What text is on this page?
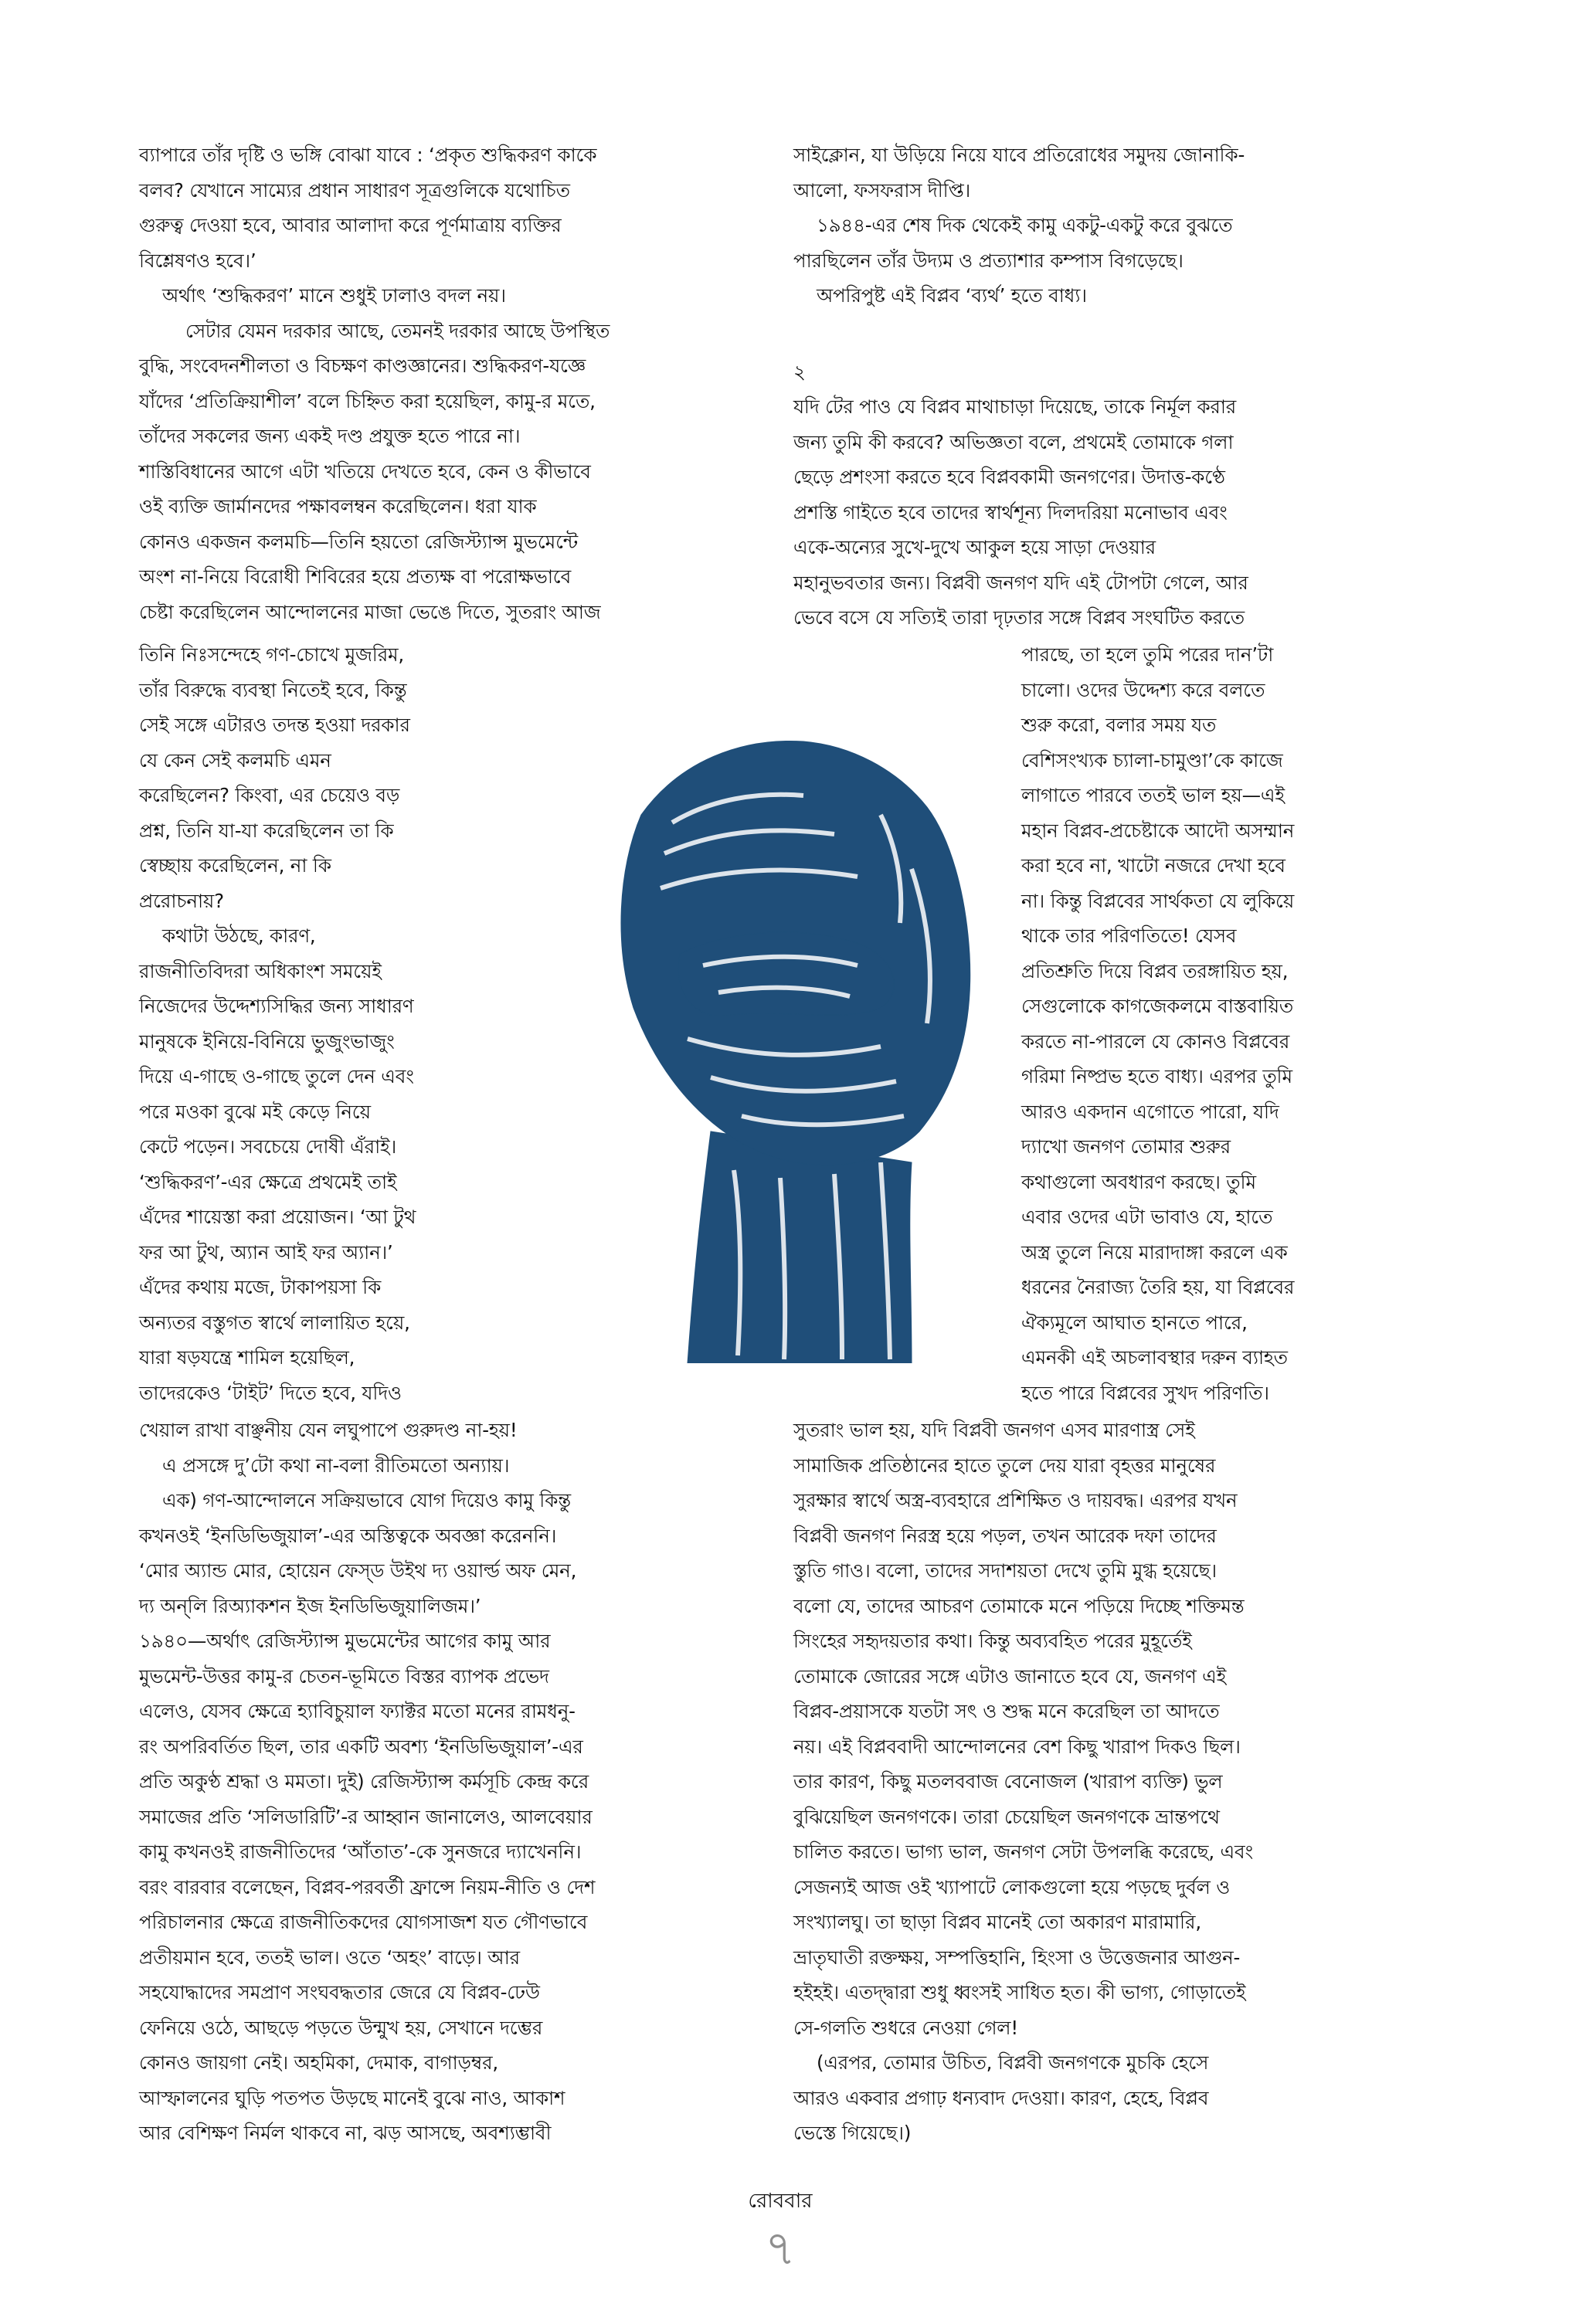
ব্যাপারে তাঁর দৃষ্টি ও ভঙ্গি বোঝা যাবে : ‘প্রকৃত শুদ্ধিকরণ কাকে
বলব? যেখানে সাম্যের প্রধান সাধারণ সূত্রগুলিকে যথোচিত
গুরুত্ব দেওয়া হবে, আবার আলাদা করে পূর্ণমাত্রায় ব্যক্তির
বিশ্লেষণও হবে।’
অর্থাৎ ‘শুদ্ধিকরণ’ মানে শুধুই ঢালাও বদল নয়।
সেটার যেমন দরকার আছে, তেমনই দরকার আছে উপস্থিত
বুদ্ধি, সংবেদনশীলতা ও বিচক্ষণ কাণ্ডজ্ঞানের। শুদ্ধিকরণ-যজ্ঞে
যাঁদের ‘প্রতিক্রিয়াশীল’ বলে চিহ্নিত করা হয়েছিল, কামু-র মতে,
তাঁদের সকলের জন্য একই দণ্ড প্রযুক্ত হতে পারে না।
শাস্তিবিধানের আগে এটা খতিয়ে দেখতে হবে, কেন ও কীভাবে
ওই ব্যক্তি জার্মানদের পক্ষাবলম্বন করেছিলেন। ধরা যাক
কোনও একজন কলমচি—তিনি হয়তো রেজিস্ট্যান্স মুভমেন্টে
অংশ না-নিয়ে বিরোধী শিবিরের হয়ে প্রত্যক্ষ বা পরোক্ষভাবে
চেষ্টা করেছিলেন আন্দোলনের মাজা ভেঙে দিতে, সুতরাং আজ
তিনি নিঃসন্দেহে গণ-চোখে মুজরিম,
তাঁর বিরুদ্ধে ব্যবস্থা নিতেই হবে, কিন্তু
সেই সঙ্গে এটারও তদন্ত হওয়া দরকার
যে কেন সেই কলমচি এমন
করেছিলেন? কিংবা, এর চেয়েও বড়
প্রশ্ন, তিনি যা-যা করেছিলেন তা কি
স্বেচ্ছায় করেছিলেন, না কি
প্ররোচনায়?
কথাটা উঠছে, কারণ,
রাজনীতিবিদরা অধিকাংশ সময়েই
নিজেদের উদ্দেশ্যসিদ্ধির জন্য সাধারণ
মানুষকে ইনিয়ে-বিনিয়ে ভুজুংভাজুং
দিয়ে এ-গাছে ও-গাছে তুলে দেন এবং
পরে মওকা বুঝে মই কেড়ে নিয়ে
কেটে পড়েন। সবচেয়ে দোষী এঁরাই।
‘শুদ্ধিকরণ’-এর ক্ষেত্রে প্রথমেই তাই
এঁদের শায়েস্তা করা প্রয়োজন। ‘আ টুথ
ফর আ টুথ, অ্যান আই ফর অ্যান।’
এঁদের কথায় মজে, টাকাপয়সা কি
অন্যতর বস্তুগত স্বার্থে লালায়িত হয়ে,
যারা ষড়যন্ত্রে শামিল হয়েছিল,
তাদেরকেও ‘টাইট’ দিতে হবে, যদিও
খেয়াল রাখা বাঞ্ছনীয় যেন লঘুপাপে গুরুদণ্ড না-হয়!
এ প্রসঙ্গে দু’টো কথা না-বলা রীতিমতো অন্যায়।
এক) গণ-আন্দোলনে সক্রিয়ভাবে যোগ দিয়েও কামু কিন্তু
কখনওই ‘ইনডিভিজুয়াল’-এর অস্তিত্বকে অবজ্ঞা করেননি।
‘মোর অ্যান্ড মোর, হোয়েন ফেস্‌ড উইথ দ্য ওয়ার্ল্ড অফ মেন,
দ্য অন্‌লি রিঅ্যাকশন ইজ ইনডিভিজুয়ালিজম।’
১৯৪০—অর্থাৎ রেজিস্ট্যান্স মুভমেন্টের আগের কামু আর
মুভমেন্ট-উত্তর কামু-র চেতন-ভূমিতে বিস্তর ব্যাপক প্রভেদ
এলেও, যেসব ক্ষেত্রে হ্যাবিচুয়াল ফ্যাক্টর মতো মনের রামধনু-
রং অপরিবর্তিত ছিল, তার একটি অবশ্য ‘ইনডিভিজুয়াল’-এর
প্রতি অকুণ্ঠ শ্রদ্ধা ও মমতা। দুই) রেজিস্ট্যান্স কর্মসূচি কেন্দ্র করে
সমাজের প্রতি ‘সলিডারিটি’-র আহ্বান জানালেও, আলবেয়ার
কামু কখনওই রাজনীতিদের ‘আঁতাত’-কে সুনজরে দ্যাখেননি।
বরং বারবার বলেছেন, বিপ্লব-পরবর্তী ফ্রান্সে নিয়ম-নীতি ও দেশ
পরিচালনার ক্ষেত্রে রাজনীতিকদের যোগসাজশ যত গৌণভাবে
প্রতীয়মান হবে, ততই ভাল। ওতে ‘অহং’ বাড়ে। আর
সহযোদ্ধাদের সমপ্রাণ সংঘবদ্ধতার জেরে যে বিপ্লব-ঢেউ
ফেনিয়ে ওঠে, আছড়ে পড়তে উন্মুখ হয়, সেখানে দম্ভের
কোনও জায়গা নেই। অহমিকা, দেমাক, বাগাড়ম্বর,
আস্ফালনের ঘুড়ি পতপত উড়ছে মানেই বুঝে নাও, আকাশ
আর বেশিক্ষণ নির্মল থাকবে না, ঝড় আসছে, অবশ্যম্ভাবী
সাইক্লোন, যা উড়িয়ে নিয়ে যাবে প্রতিরোধের সমুদয় জোনাকি-
আলো, ফসফরাস দীপ্তি।
১৯৪৪-এর শেষ দিক থেকেই কামু একটু-একটু করে বুঝতে
পারছিলেন তাঁর উদ্যম ও প্রত্যাশার কম্পাস বিগড়েছে।
অপরিপুষ্ট এই বিপ্লব ‘ব্যর্থ’ হতে বাধ্য।
যদি টের পাও যে বিপ্লব মাথাচাড়া দিয়েছে, তাকে নির্মূল করার
জন্য তুমি কী করবে? অভিজ্ঞতা বলে, প্রথমেই তোমাকে গলা
ছেড়ে প্রশংসা করতে হবে বিপ্লবকামী জনগণের। উদাত্ত-কণ্ঠে
প্রশস্তি গাইতে হবে তাদের স্বার্থশূন্য দিলদরিয়া মনোভাব এবং
একে-অন্যের সুখে-দুখে আকুল হয়ে সাড়া দেওয়ার
মহানুভবতার জন্য। বিপ্লবী জনগণ যদি এই টোপটা গেলে, আর
ভেবে বসে যে সত্যিই তারা দৃঢ়তার সঙ্গে বিপ্লব সংঘটিত করতে
পারছে, তা হলে তুমি পরের দান’টা
চালো। ওদের উদ্দেশ্য করে বলতে
শুরু করো, বলার সময় যত
বেশিসংখ্যক চ্যালা-চামুণ্ডা’কে কাজে
লাগাতে পারবে ততই ভাল হয়—এই
মহান বিপ্লব-প্রচেষ্টাকে আদৌ অসম্মান
করা হবে না, খাটো নজরে দেখা হবে
না। কিন্তু বিপ্লবের সার্থকতা যে লুকিয়ে
থাকে তার পরিণতিতে! যেসব
প্রতিশ্রুতি দিয়ে বিপ্লব তরঙ্গায়িত হয়,
সেগুলোকে কাগজেকলমে বাস্তবায়িত
করতে না-পারলে যে কোনও বিপ্লবের
গরিমা নিষ্প্রভ হতে বাধ্য। এরপর তুমি
আরও একদান এগোতে পারো, যদি
দ্যাখো জনগণ তোমার শুরুর
কথাগুলো অবধারণ করছে। তুমি
এবার ওদের এটা ভাবাও যে, হাতে
অস্ত্র তুলে নিয়ে মারাদাঙ্গা করলে এক
ধরনের নৈরাজ্য তৈরি হয়, যা বিপ্লবের
ঐক্যমূলে আঘাত হানতে পারে,
এমনকী এই অচলাবস্থার দরুন ব্যাহত
হতে পারে বিপ্লবের সুখদ পরিণতি।
সুতরাং ভাল হয়, যদি বিপ্লবী জনগণ এসব মারণাস্ত্র সেই
সামাজিক প্রতিষ্ঠানের হাতে তুলে দেয় যারা বৃহত্তর মানুষের
সুরক্ষার স্বার্থে অস্ত্র-ব্যবহারে প্রশিক্ষিত ও দায়বদ্ধ। এরপর যখন
বিপ্লবী জনগণ নিরস্ত্র হয়ে পড়ল, তখন আরেক দফা তাদের
স্তুতি গাও। বলো, তাদের সদাশয়তা দেখে তুমি মুগ্ধ হয়েছে।
বলো যে, তাদের আচরণ তোমাকে মনে পড়িয়ে দিচ্ছে শক্তিমন্ত
সিংহের সহৃদয়তার কথা। কিন্তু অব্যবহিত পরের মুহূর্তেই
তোমাকে জোরের সঙ্গে এটাও জানাতে হবে যে, জনগণ এই
বিপ্লব-প্রয়াসকে যতটা সৎ ও শুদ্ধ মনে করেছিল তা আদতে
নয়। এই বিপ্লববাদী আন্দোলনের বেশ কিছু খারাপ দিকও ছিল।
তার কারণ, কিছু মতলববাজ বেনোজল (খারাপ ব্যক্তি) ভুল
বুঝিয়েছিল জনগণকে। তারা চেয়েছিল জনগণকে ভ্রান্তপথে
চালিত করতে। ভাগ্য ভাল, জনগণ সেটা উপলব্ধি করেছে, এবং
সেজন্যই আজ ওই খ্যাপাটে লোকগুলো হয়ে পড়ছে দুর্বল ও
সংখ্যালঘু। তা ছাড়া বিপ্লব মানেই তো অকারণ মারামারি,
ভ্রাতৃঘাতী রক্তক্ষয়, সম্পত্তিহানি, হিংসা ও উত্তেজনার আগুন-
হইহই। এতদ্দ্বারা শুধু ধ্বংসই সাধিত হত। কী ভাগ্য, গোড়াতেই
সে-গলতি শুধরে নেওয়া গেল!
(এরপর, তোমার উচিত, বিপ্লবী জনগণকে মুচকি হেসে
আরও একবার প্রগাঢ় ধন্যবাদ দেওয়া। কারণ, হেহে, বিপ্লব
ভেস্তে গিয়েছে।)
২
রোববার
৭
